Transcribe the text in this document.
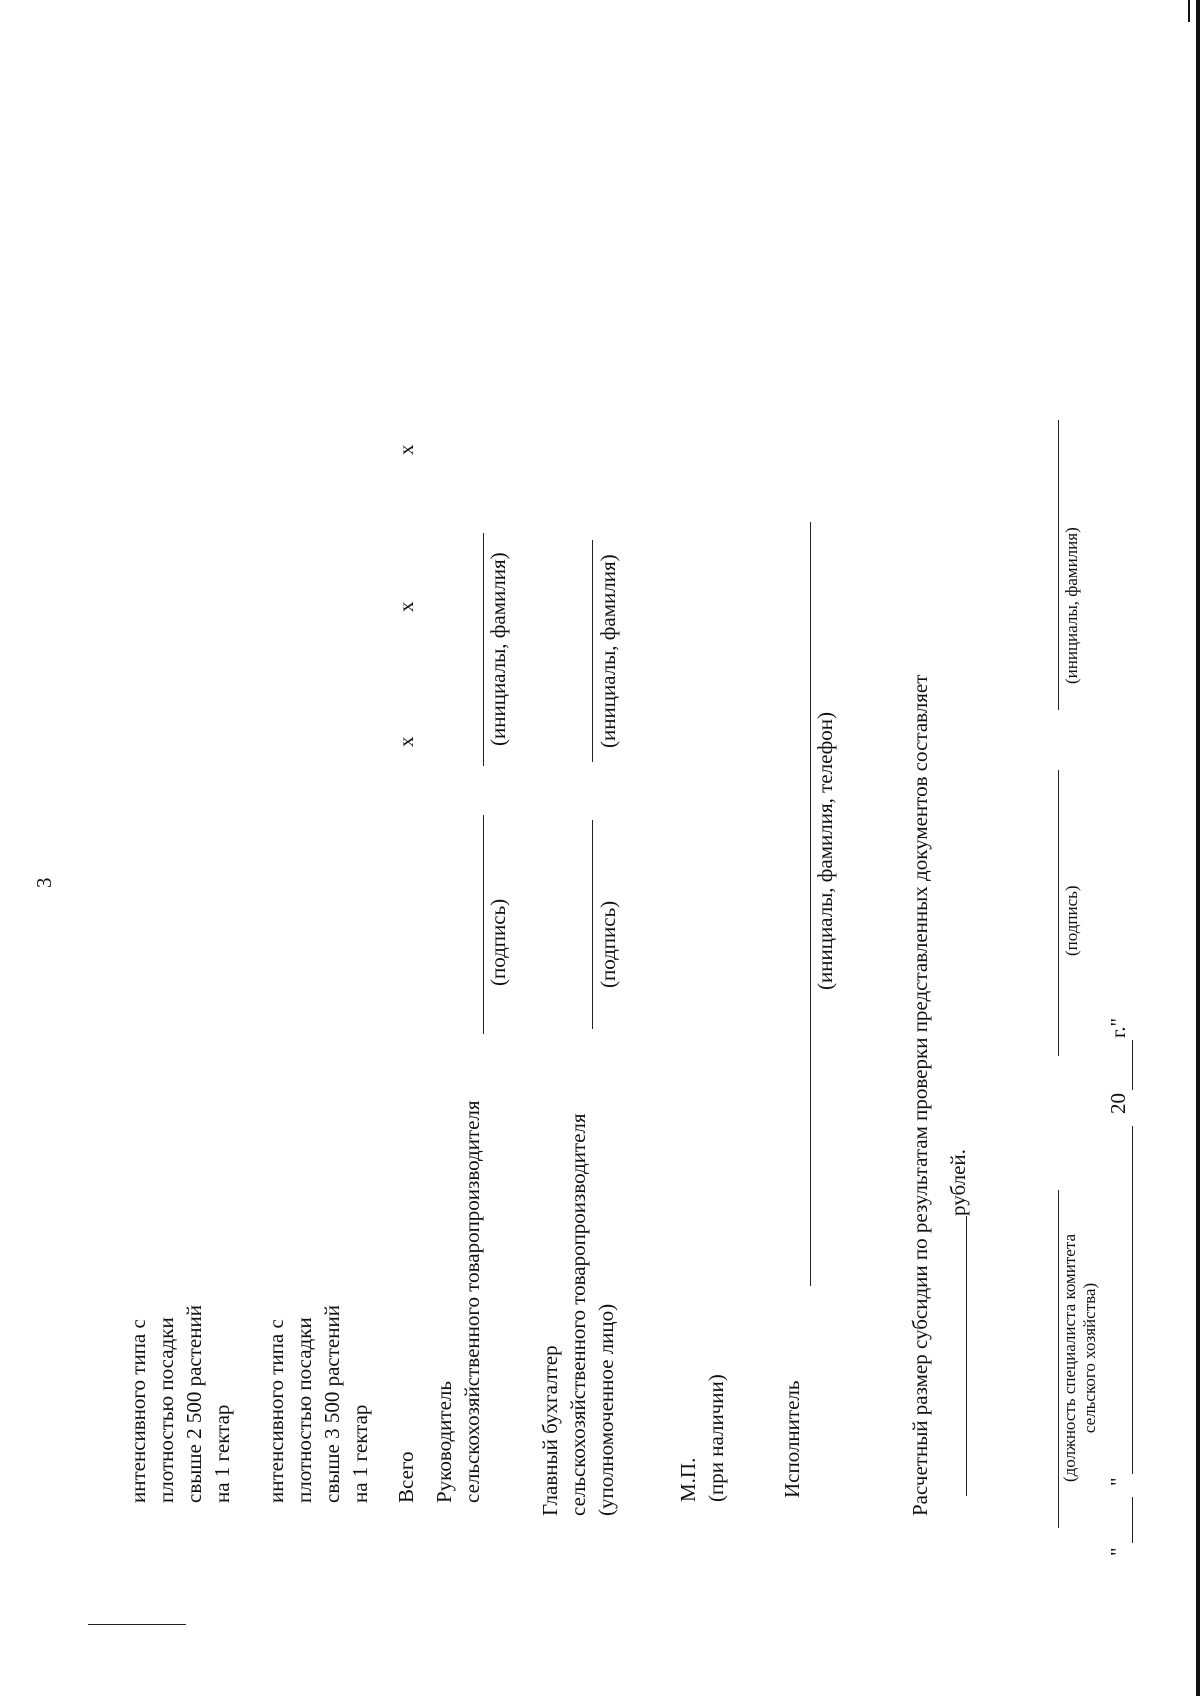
3
интенсивного типа с
плотностью посадки
свыше 2 500 растений
на 1 гектар интенсивного типа с
плотностью посадки
свыше 3 500 растений
на 1 гектар
Всего
x
x
x
Руководитель
сельскохозяйственного товаропроизводителя
(подпись)
(инициалы, фамилия)
Главный бухгалтер
сельскохозяйственного товаропроизводителя
(уполномоченное лицо)
(подпись)
(инициалы, фамилия)
М.П.
(при наличии) Исполнитель
(инициалы, фамилия, телефон)	Расчетный размер субсидии по результатам проверки представленных документов составляет рублей.
(должность специалиста комитета
сельского хозяйства)
(подпись)
(инициалы, фамилия)
"
"
20
г."
